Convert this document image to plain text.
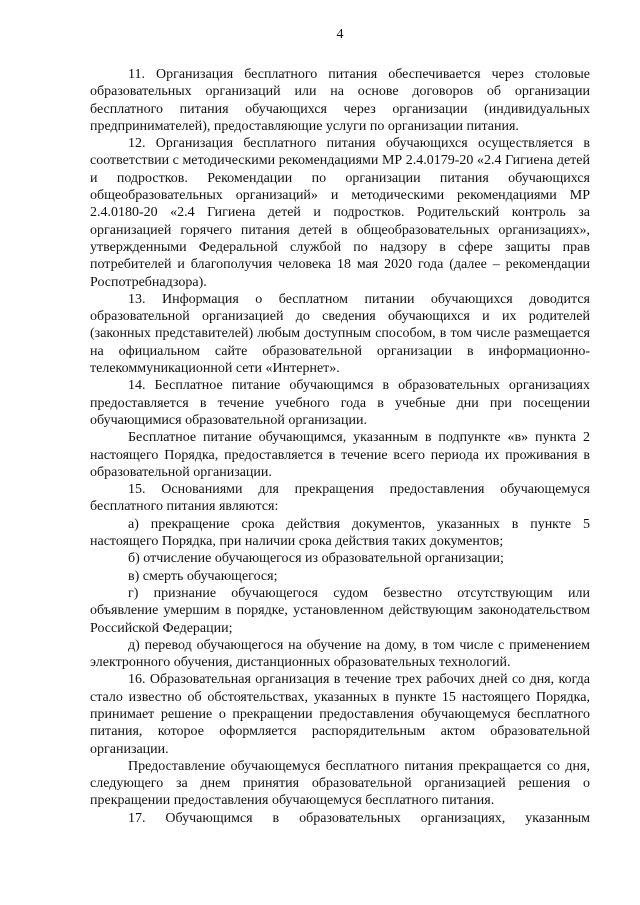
4

11. Организация бесплатного питания обеспечивается через столовые образовательных организаций или на основе договоров об организации бесплатного питания обучающихся через организации (индивидуальных предпринимателей), предоставляющие услуги по организации питания.

12. Организация бесплатного питания обучающихся осуществляется в соответствии с методическими рекомендациями МР 2.4.0179-20 «2.4 Гигиена детей и подростков. Рекомендации по организации питания обучающихся общеобразовательных организаций» и методическими рекомендациями МР 2.4.0180-20 «2.4 Гигиена детей и подростков. Родительский контроль за организацией горячего питания детей в общеобразовательных организациях», утвержденными Федеральной службой по надзору в сфере защиты прав потребителей и благополучия человека 18 мая 2020 года (далее – рекомендации Роспотребнадзора).

13. Информация о бесплатном питании обучающихся доводится образовательной организацией до сведения обучающихся и их родителей (законных представителей) любым доступным способом, в том числе размещается на официальном сайте образовательной организации в информационно-телекоммуникационной сети «Интернет».

14. Бесплатное питание обучающимся в образовательных организациях предоставляется в течение учебного года в учебные дни при посещении обучающимися образовательной организации.

Бесплатное питание обучающимся, указанным в подпункте «в» пункта 2 настоящего Порядка, предоставляется в течение всего периода их проживания в образовательной организации.

15. Основаниями для прекращения предоставления обучающемуся бесплатного питания являются:

а) прекращение срока действия документов, указанных в пункте 5 настоящего Порядка, при наличии срока действия таких документов;

б) отчисление обучающегося из образовательной организации;

в) смерть обучающегося;

г) признание обучающегося судом безвестно отсутствующим или объявление умершим в порядке, установленном действующим законодательством Российской Федерации;

д) перевод обучающегося на обучение на дому, в том числе с применением электронного обучения, дистанционных образовательных технологий.

16. Образовательная организация в течение трех рабочих дней со дня, когда стало известно об обстоятельствах, указанных в пункте 15 настоящего Порядка, принимает решение о прекращении предоставления обучающемуся бесплатного питания, которое оформляется распорядительным актом образовательной организации.

Предоставление обучающемуся бесплатного питания прекращается со дня, следующего за днем принятия образовательной организацией решения о прекращении предоставления обучающемуся бесплатного питания.

17. Обучающимся в образовательных организациях, указанным
